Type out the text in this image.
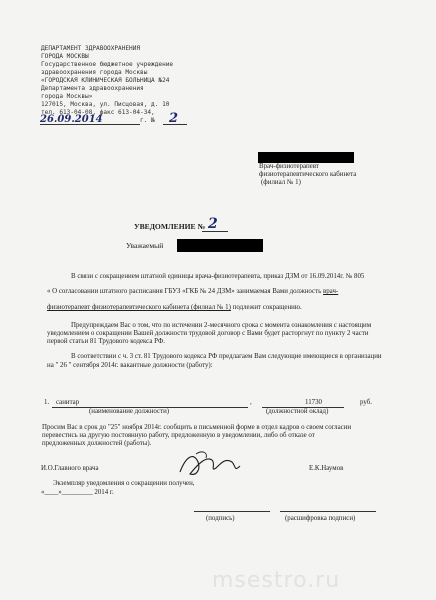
ДЕПАРТАМЕНТ ЗДРАВООХРАНЕНИЯ
ГОРОДА МОСКВЫ
Государственное бюджетное учреждение
здравоохранения города Москвы
«ГОРОДСКАЯ КЛИНИЧЕСКАЯ БОЛЬНИЦА №24
Департамента здравоохранения
города Москвы»
127015, Москва, ул. Писцовая, д. 10
тел. 613-04-08, факс 613-04-34,
26.09.2014	г. № 2
Врач-физиотерапевт
физиотерапевтического кабинета
(филиал № 1)
УВЕДОМЛЕНИЕ № 2
Уважаемый
В связи с сокращением штатной единицы врача-физиотерапевта, приказ ДЗМ от 16.09.2014г. № 805
« О согласовании штатного расписания ГБУЗ «ГКБ № 24 ДЗМ» занимаемая Вами должность врач-
физиотерапевт физиотерапевтического кабинета (филиал № 1) подлежит сокращению.
Предупреждаем Вас о том, что по истечении 2-месячного срока с момента ознакомления с настоящим
уведомлением о сокращении Вашей должности трудовой договор с Вами будет расторгнут по пункту 2 части
первой статьи 81 Трудового кодекса РФ.
В соответствии с ч. 3 ст. 81 Трудового кодекса РФ предлагаем Вам следующие имеющиеся в организации
на " 26 " сентября 2014г. вакантные должности (работу):
1. санитар	,	11730	руб.
(наименование должности)	(должностной оклад)
Просим Вас в срок до "25" ноября 2014г. сообщить в письменной форме в отдел кадров о своем согласии
перевестись на другую постоянную работу, предложенную в уведомлении, либо об отказе от
предложенных должностей (работы).
И.О.Главного врача	Е.К.Наумов
Экземпляр уведомления о сокращении получен,
«____»_________ 2014 г.
(подпись)	(расшифровка подписи)
msestro.ru
